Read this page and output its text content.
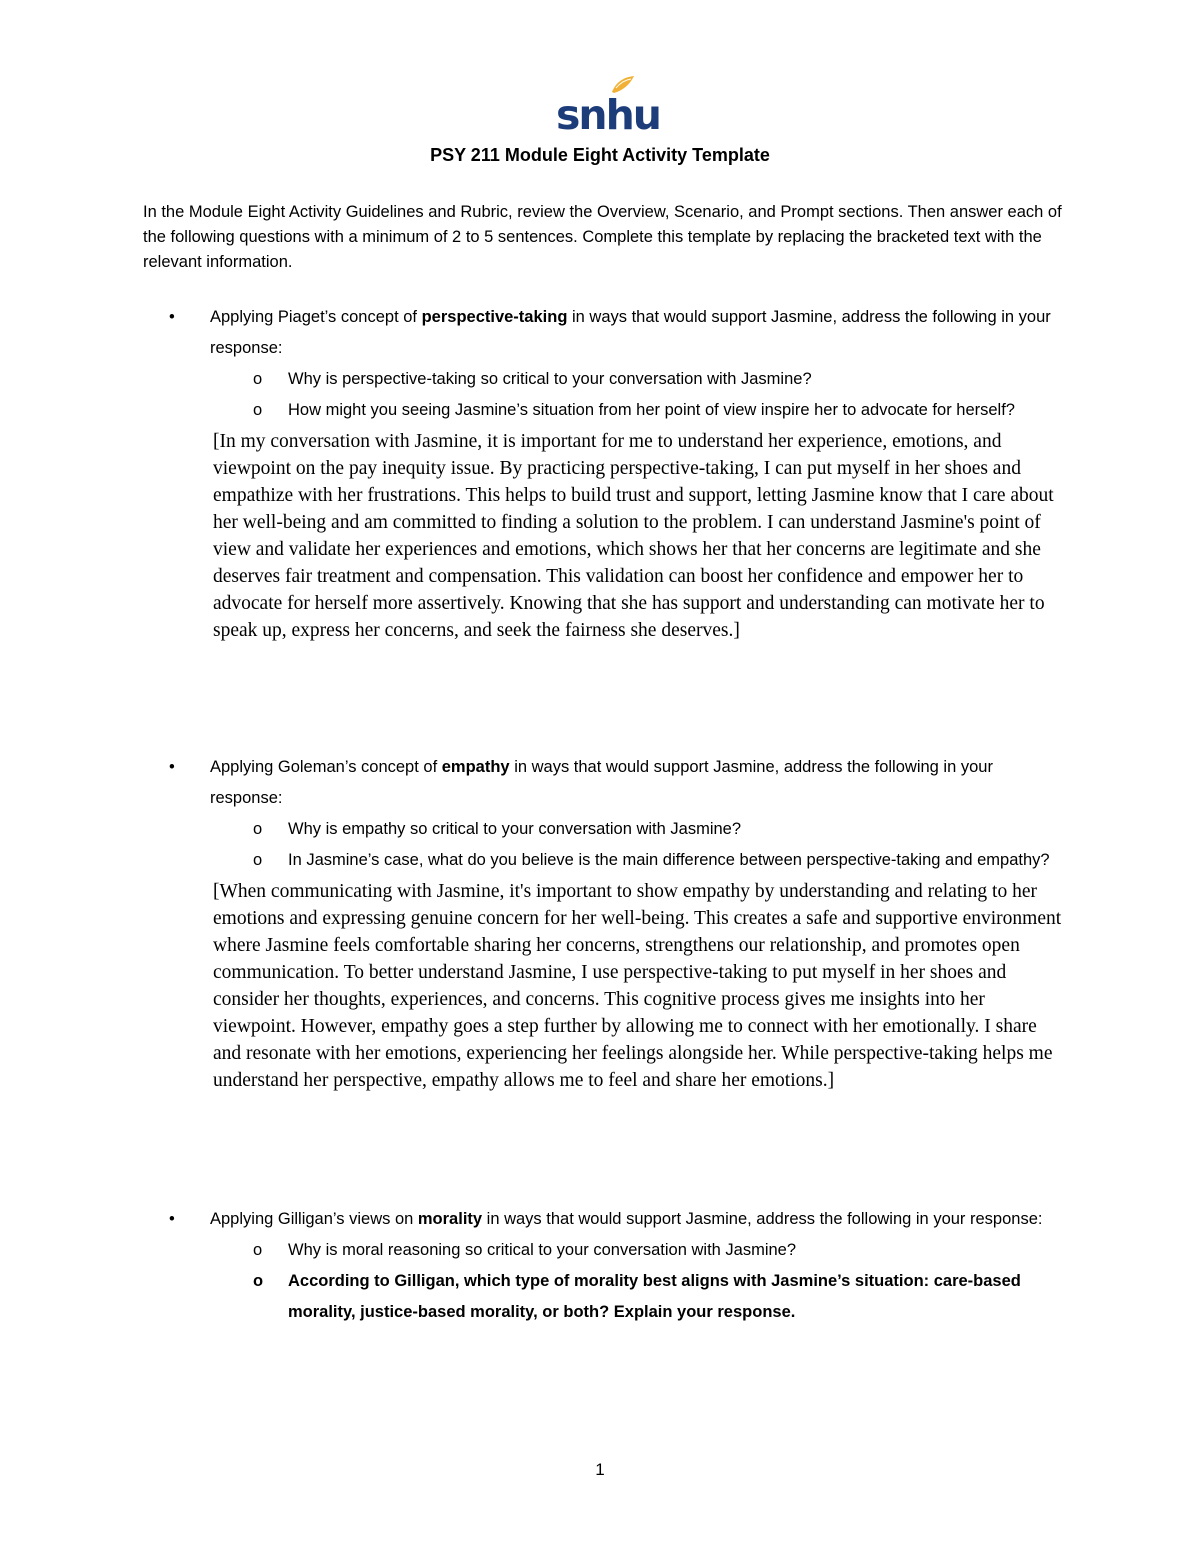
snhu
PSY 211 Module Eight Activity Template
In the Module Eight Activity Guidelines and Rubric, review the Overview, Scenario, and Prompt sections. Then answer each of the following questions with a minimum of 2 to 5 sentences. Complete this template by replacing the bracketed text with the relevant information.
•	Applying Piaget’s concept of perspective-taking in ways that would support Jasmine, address the following in your response:
o Why is perspective-taking so critical to your conversation with Jasmine?
o How might you seeing Jasmine’s situation from her point of view inspire her to advocate for herself?

[In my conversation with Jasmine, it is important for me to understand her experience, emotions, and viewpoint on the pay inequity issue. By practicing perspective-taking, I can put myself in her shoes and empathize with her frustrations. This helps to build trust and support, letting Jasmine know that I care about her well-being and am committed to finding a solution to the problem. I can understand Jasmine's point of view and validate her experiences and emotions, which shows her that her concerns are legitimate and she deserves fair treatment and compensation. This validation can boost her confidence and empower her to advocate for herself more assertively. Knowing that she has support and understanding can motivate her to speak up, express her concerns, and seek the fairness she deserves.]

•	Applying Goleman’s concept of empathy in ways that would support Jasmine, address the following in your response:
o Why is empathy so critical to your conversation with Jasmine?
o In Jasmine’s case, what do you believe is the main difference between perspective-taking and empathy?

[When communicating with Jasmine, it's important to show empathy by understanding and relating to her emotions and expressing genuine concern for her well-being. This creates a safe and supportive environment where Jasmine feels comfortable sharing her concerns, strengthens our relationship, and promotes open communication. To better understand Jasmine, I use perspective-taking to put myself in her shoes and consider her thoughts, experiences, and concerns. This cognitive process gives me insights into her viewpoint. However, empathy goes a step further by allowing me to connect with her emotionally. I share and resonate with her emotions, experiencing her feelings alongside her. While perspective-taking helps me understand her perspective, empathy allows me to feel and share her emotions.]

•	Applying Gilligan’s views on morality in ways that would support Jasmine, address the following in your response:
o Why is moral reasoning so critical to your conversation with Jasmine?
o According to Gilligan, which type of morality best aligns with Jasmine’s situation: care-based morality, justice-based morality, or both? Explain your response.
1
